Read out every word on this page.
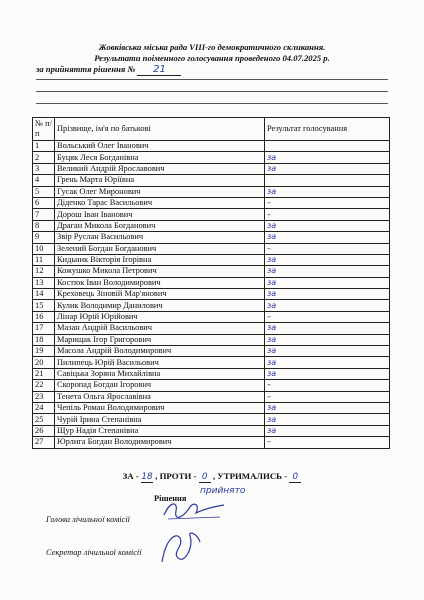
Жовківська міська рада VIII-го демократичного скликання.
Результати поіменного голосування проведеного 04.07.2025 р.
за прийняття рішення № 21
№ п/п	Прізвище, ім'я по батькові	Результат голосування
1	Вольський Олег Іванович	
2	Буцяк Леся Богданівна	за
3	Великий Андрій Ярославович	за
4	Грень Марта Юріївна	
5	Гусак Олег Миронович	за
6	Діденко Тарас Васильович	–
7	Дорош Іван Іванович	–
8	Драган Микола Богданович	за
9	Звір Руслан Васильович	за
10	Зелений Богдан Богданович	–
11	Кидьник Вікторія Ігорівна	за
12	Кожушко Микола Петрович	за
13	Костюк Іван Володимирович	за
14	Креховець Зіновій Мар'янович	за
15	Кулик Володимир Данилович	за
16	Лінар Юрій Юрійович	–
17	Мазан Андрій Васильович	за
18	Марищак Ігор Григорович	за
19	Масола Андрій Володимирович	за
20	Пилипець Юрій Васильович	за
21	Савіцька Зоряна Михайлівна	за
22	Скоропад Богдан Ігорович	–
23	Тенета Ольга Ярославівна	–
24	Чепіль Роман Володимирович	за
25	Чурій Ірина Степанівна	за
26	Щур Надія Степанівна	за
27	Юрлига Богдан Володимирович	–
ЗА - 18 , ПРОТИ - 0 , УТРИМАЛИСЬ - 0
Рішення
прийнято
Голова лічильної комісії
Секретар лічильної комісії
